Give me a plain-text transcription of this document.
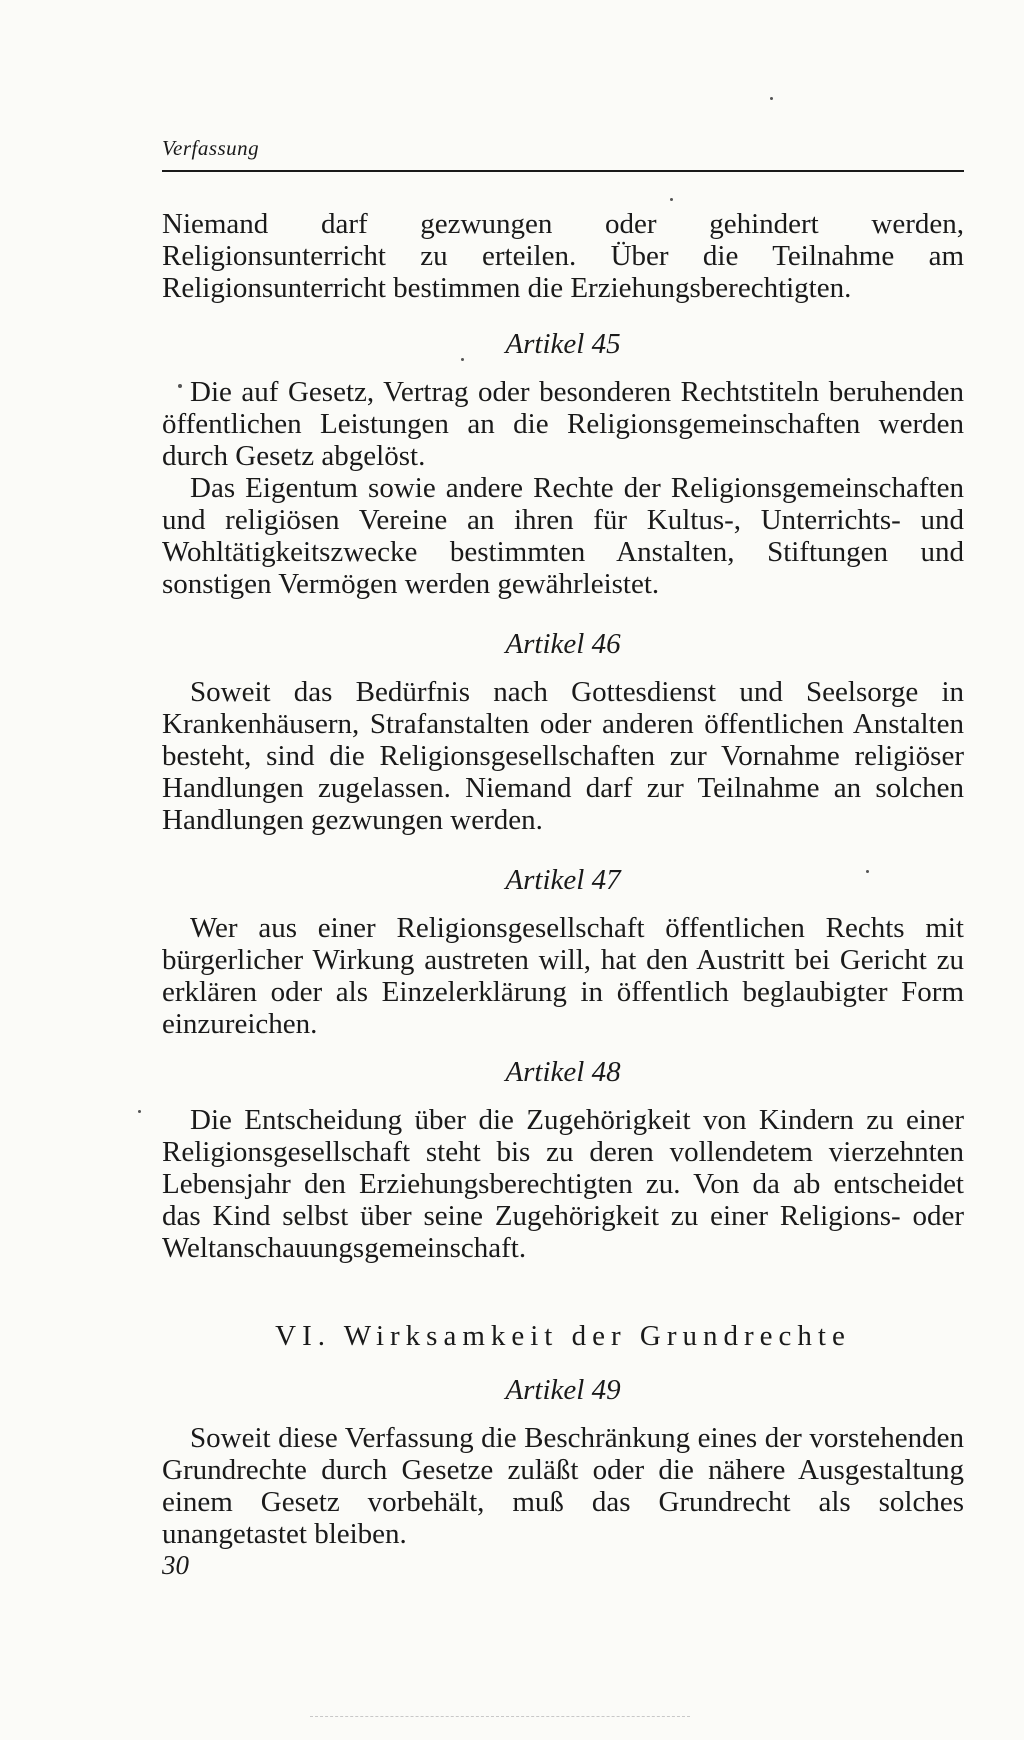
Verfassung

Niemand darf gezwungen oder gehindert werden, Religionsunterricht zu erteilen. Über die Teilnahme am Religionsunterricht bestimmen die Erziehungsberechtigten.

Artikel 45

Die auf Gesetz, Vertrag oder besonderen Rechtstiteln beruhenden öffentlichen Leistungen an die Religionsgemeinschaften werden durch Gesetz abgelöst.

Das Eigentum sowie andere Rechte der Religionsgemeinschaften und religiösen Vereine an ihren für Kultus-, Unterrichts- und Wohltätigkeitszwecke bestimmten Anstalten, Stiftungen und sonstigen Vermögen werden gewährleistet.

Artikel 46

Soweit das Bedürfnis nach Gottesdienst und Seelsorge in Krankenhäusern, Strafanstalten oder anderen öffentlichen Anstalten besteht, sind die Religionsgesellschaften zur Vornahme religiöser Handlungen zugelassen. Niemand darf zur Teilnahme an solchen Handlungen gezwungen werden.

Artikel 47

Wer aus einer Religionsgesellschaft öffentlichen Rechts mit bürgerlicher Wirkung austreten will, hat den Austritt bei Gericht zu erklären oder als Einzelerklärung in öffentlich beglaubigter Form einzureichen.

Artikel 48

Die Entscheidung über die Zugehörigkeit von Kindern zu einer Religionsgesellschaft steht bis zu deren vollendetem vierzehnten Lebensjahr den Erziehungsberechtigten zu. Von da ab entscheidet das Kind selbst über seine Zugehörigkeit zu einer Religions- oder Weltanschauungsgemeinschaft.

VI. Wirksamkeit der Grundrechte

Artikel 49

Soweit diese Verfassung die Beschränkung eines der vorstehenden Grundrechte durch Gesetze zuläßt oder die nähere Ausgestaltung einem Gesetz vorbehält, muß das Grundrecht als solches unangetastet bleiben.

30
